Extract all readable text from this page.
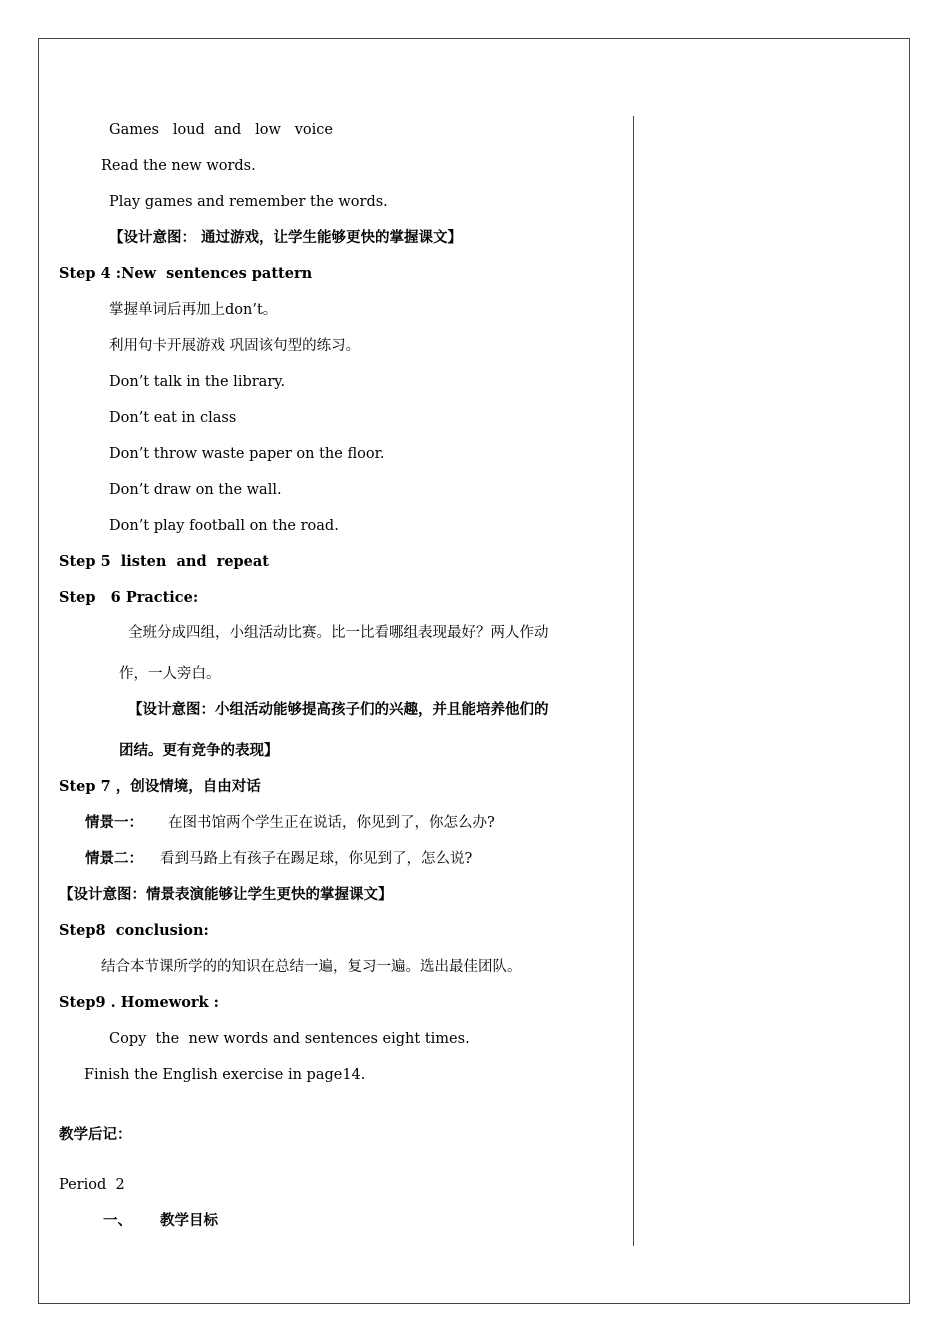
Games   loud  and   low   voice
Read the new words.
Play games and remember the words.
【设计意图： 通过游戏，让学生能够更快的掌握课文】
Step 4 :New  sentences pattern
掌握单词后再加上don’t。
利用句卡开展游戏 巩固该句型的练习。
Don’t talk in the library.
Don’t eat in class
Don’t throw waste paper on the floor.
Don’t draw on the wall.
Don’t play football on the road.
Step 5  listen  and  repeat
Step   6 Practice:
全班分成四组，小组活动比赛。比一比看哪组表现最好？两人作动
作，一人旁白。
【设计意图：小组活动能够提高孩子们的兴趣，并且能培养他们的
团结。更有竞争的表现】
Step 7 ，创设情境，自由对话
情景一： 在图书馆两个学生正在说话，你见到了，你怎么办?
情景二： 看到马路上有孩子在踢足球，你见到了，怎么说?
【设计意图：情景表演能够让学生更快的掌握课文】
Step8  conclusion:
结合本节课所学的的知识在总结一遍，复习一遍。选出最佳团队。
Step9 . Homework :
Copy  the  new words and sentences eight times.
Finish the English exercise in page14.
教学后记：
Period  2
一、 教学目标
